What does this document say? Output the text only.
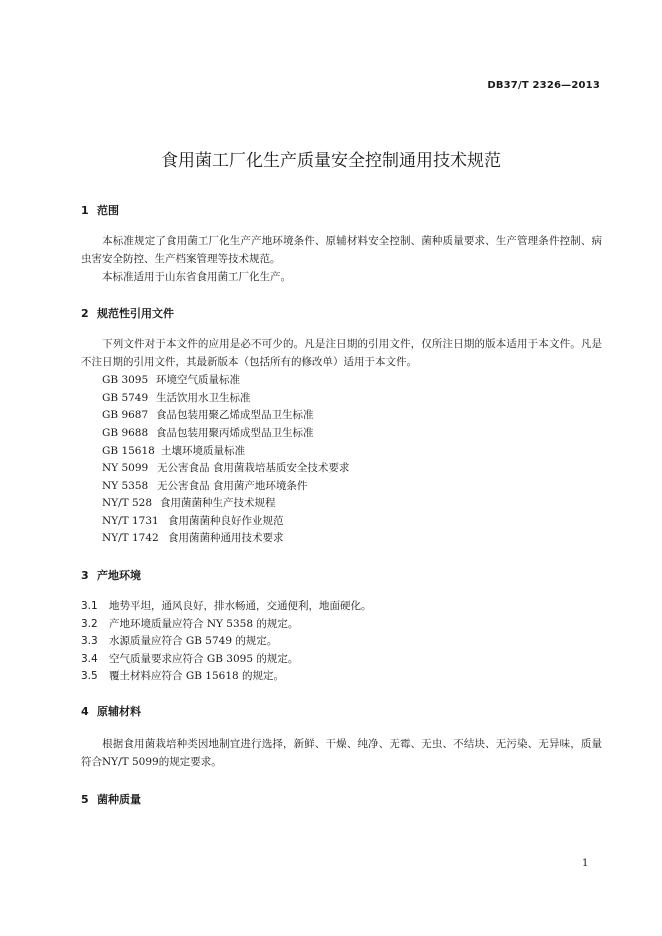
DB37/T 2326—2013
食用菌工厂化生产质量安全控制通用技术规范
1 范围
本标准规定了食用菌工厂化生产产地环境条件、原辅材料安全控制、菌种质量要求、生产管理条件控制、病虫害安全防控、生产档案管理等技术规范。
本标准适用于山东省食用菌工厂化生产。
2 规范性引用文件
下列文件对于本文件的应用是必不可少的。凡是注日期的引用文件，仅所注日期的版本适用于本文件。凡是不注日期的引用文件，其最新版本（包括所有的修改单）适用于本文件。
GB 3095 环境空气质量标准
GB 5749 生活饮用水卫生标准
GB 9687 食品包装用聚乙烯成型品卫生标准
GB 9688 食品包装用聚丙烯成型品卫生标准
GB 15618 土壤环境质量标准
NY 5099 无公害食品 食用菌栽培基质安全技术要求
NY 5358 无公害食品 食用菌产地环境条件
NY/T 528 食用菌菌种生产技术规程
NY/T 1731 食用菌菌种良好作业规范
NY/T 1742 食用菌菌种通用技术要求
3 产地环境
3.1 地势平坦，通风良好，排水畅通，交通便利，地面硬化。
3.2 产地环境质量应符合 NY 5358 的规定。
3.3 水源质量应符合 GB 5749 的规定。
3.4 空气质量要求应符合 GB 3095 的规定。
3.5 覆土材料应符合 GB 15618 的规定。
4 原辅材料
根据食用菌栽培种类因地制宜进行选择，新鲜、干燥、纯净、无霉、无虫、不结块、无污染、无异味，质量符合NY/T 5099的规定要求。
5 菌种质量
1
